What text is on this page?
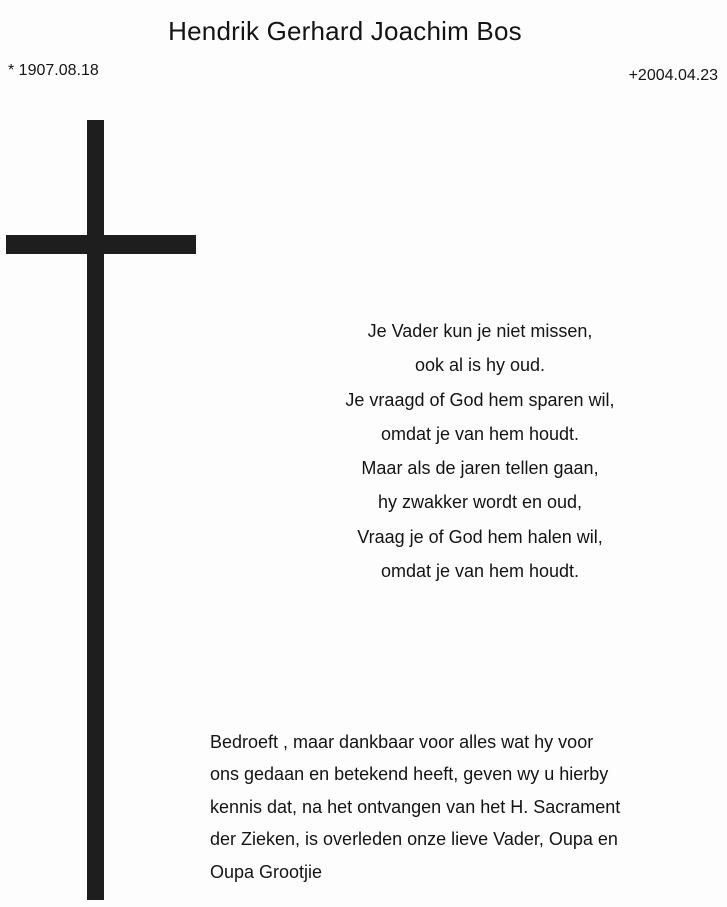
Hendrik Gerhard Joachim Bos
* 1907.08.18	+2004.04.23
Je Vader kun je niet missen,
ook al is hy oud.
Je vraagd of God hem sparen wil,
omdat je van hem houdt.
Maar als de jaren tellen gaan,
hy zwakker wordt en oud,
Vraag je of God hem halen wil,
omdat je van hem houdt.
Bedroeft , maar dankbaar voor alles wat hy voor
ons gedaan en betekend heeft, geven wy u hierby
kennis dat, na het ontvangen van het H. Sacrament
der Zieken, is overleden onze lieve Vader, Oupa en
Oupa Grootjie
